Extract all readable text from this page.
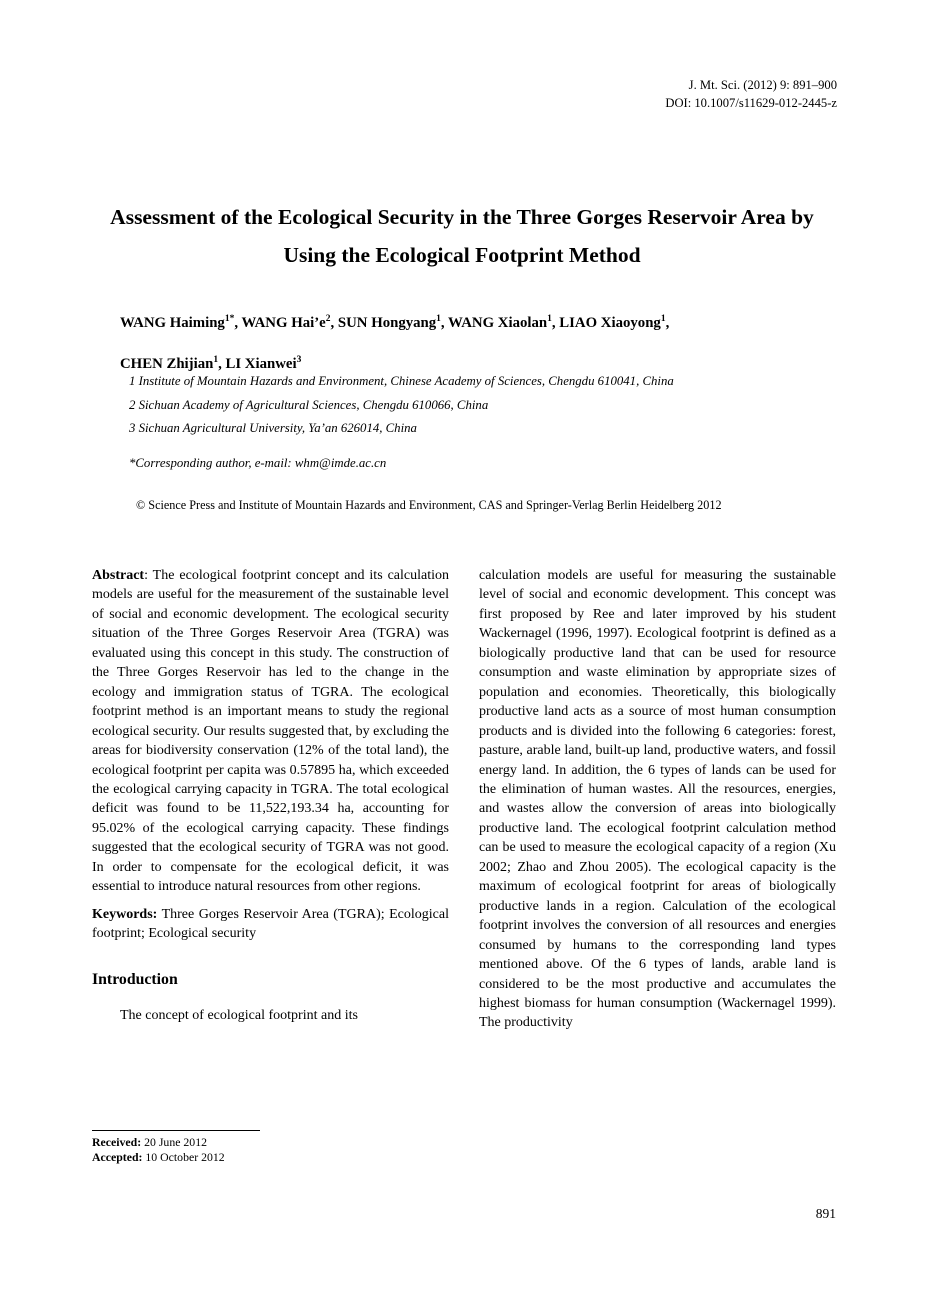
J. Mt. Sci. (2012) 9: 891–900
DOI: 10.1007/s11629-012-2445-z
Assessment of the Ecological Security in the Three Gorges Reservoir Area by Using the Ecological Footprint Method

WANG Haiming$^{1*}$, WANG $Hai’e^2$, SUN Hongyang$^1$, WANG Xiaolan$^1$, LIAO Xiaoyong$^1$,

CHEN Zhijian$^1$, LI Xianwei$^3$

1 Institute of Mountain Hazards and Environment, Chinese Academy of Sciences, Chengdu 610041, China

2 Sichuan Academy of Agricultural Sciences, Chengdu 610066, China

3 Sichuan Agricultural University, Ya’an 626014, China

*Corresponding author, e-mail: whm@imde.ac.cn

© Science Press and Institute of Mountain Hazards and Environment, CAS and Springer-Verlag Berlin Heidelberg 2012

Abstract: The ecological footprint concept and its calculation models are useful for the measurement of the sustainable level of social and economic development. The ecological security situation of the Three Gorges Reservoir Area (TGRA) was evaluated using this concept in this study. The construction of the Three Gorges Reservoir has led to the change in the ecology and immigration status of TGRA. The ecological footprint method is an important means to study the regional ecological security. Our results suggested that, by excluding the areas for biodiversity conservation (12% of the total land), the ecological footprint per capita was 0.57895 ha, which exceeded the ecological carrying capacity in TGRA. The total ecological deficit was found to be 11,522,193.34 ha, accounting for 95.02% of the ecological carrying capacity. These findings suggested that the ecological security of TGRA was not good. In order to compensate for the ecological deficit, it was essential to introduce natural resources from other regions.

Keywords: Three Gorges Reservoir Area (TGRA); Ecological footprint; Ecological security

Introduction

The concept of ecological footprint and its

calculation models are useful for measuring the sustainable level of social and economic development. This concept was first proposed by Ree and later improved by his student Wackernagel (1996, 1997). Ecological footprint is defined as a biologically productive land that can be used for resource consumption and waste elimination by appropriate sizes of population and economies. Theoretically, this biologically productive land acts as a source of most human consumption products and is divided into the following 6 categories: forest, pasture, arable land, built-up land, productive waters, and fossil energy land. In addition, the 6 types of lands can be used for the elimination of human wastes. All the resources, energies, and wastes allow the conversion of areas into biologically productive land. The ecological footprint calculation method can be used to measure the ecological capacity of a region (Xu 2002; Zhao and Zhou 2005). The ecological capacity is the maximum of ecological footprint for areas of biologically productive lands in a region. Calculation of the ecological footprint involves the conversion of all resources and energies consumed by humans to the corresponding land types mentioned above. Of the 6 types of lands, arable land is considered to be the most productive and accumulates the highest biomass for human consumption (Wackernagel 1999). The productivity

Received: 20 June 2012

Accepted: 10 October 2012

891
